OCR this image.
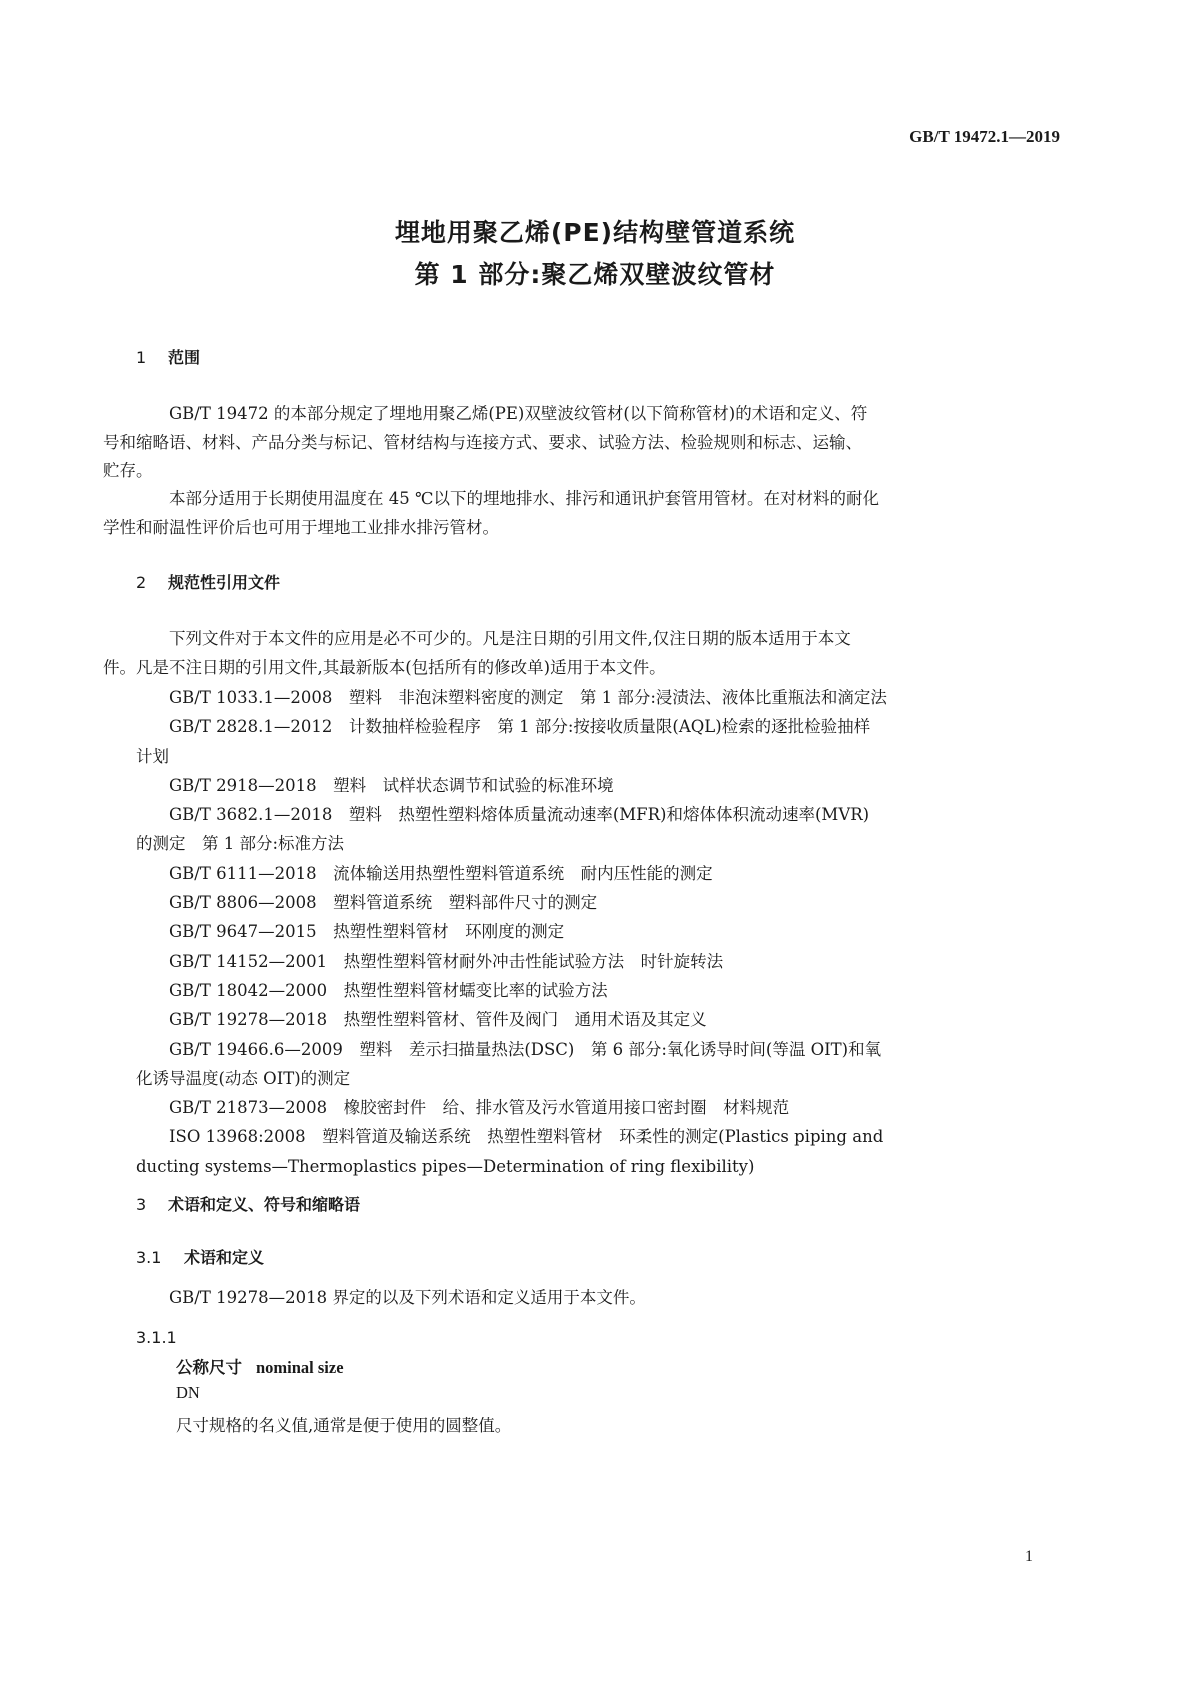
GB/T 19472.1—2019
埋地用聚乙烯(PE)结构壁管道系统
第 1 部分:聚乙烯双壁波纹管材
1 范围
GB/T 19472 的本部分规定了埋地用聚乙烯(PE)双壁波纹管材(以下简称管材)的术语和定义、符
号和缩略语、材料、产品分类与标记、管材结构与连接方式、要求、试验方法、检验规则和标志、运输、
贮存。
本部分适用于长期使用温度在 45 ℃以下的埋地排水、排污和通讯护套管用管材。在对材料的耐化
学性和耐温性评价后也可用于埋地工业排水排污管材。
2 规范性引用文件
下列文件对于本文件的应用是必不可少的。凡是注日期的引用文件,仅注日期的版本适用于本文
件。凡是不注日期的引用文件,其最新版本(包括所有的修改单)适用于本文件。
GB/T 1033.1—2008　塑料　非泡沫塑料密度的测定　第 1 部分:浸渍法、液体比重瓶法和滴定法
GB/T 2828.1—2012　计数抽样检验程序　第 1 部分:按接收质量限(AQL)检索的逐批检验抽样
计划
GB/T 2918—2018　塑料　试样状态调节和试验的标准环境
GB/T 3682.1—2018　塑料　热塑性塑料熔体质量流动速率(MFR)和熔体体积流动速率(MVR)
的测定　第 1 部分:标准方法
GB/T 6111—2018　流体输送用热塑性塑料管道系统　耐内压性能的测定
GB/T 8806—2008　塑料管道系统　塑料部件尺寸的测定
GB/T 9647—2015　热塑性塑料管材　环刚度的测定
GB/T 14152—2001　热塑性塑料管材耐外冲击性能试验方法　时针旋转法
GB/T 18042—2000　热塑性塑料管材蠕变比率的试验方法
GB/T 19278—2018　热塑性塑料管材、管件及阀门　通用术语及其定义
GB/T 19466.6—2009　塑料　差示扫描量热法(DSC)　第 6 部分:氧化诱导时间(等温 OIT)和氧
化诱导温度(动态 OIT)的测定
GB/T 21873—2008　橡胶密封件　给、排水管及污水管道用接口密封圈　材料规范
ISO 13968:2008　塑料管道及输送系统　热塑性塑料管材　环柔性的测定(Plastics piping and
ducting systems—Thermoplastics pipes—Determination of ring flexibility)
3 术语和定义、符号和缩略语
3.1 术语和定义
GB/T 19278—2018 界定的以及下列术语和定义适用于本文件。
3.1.1
公称尺寸 nominal size
DN
尺寸规格的名义值,通常是便于使用的圆整值。
1
